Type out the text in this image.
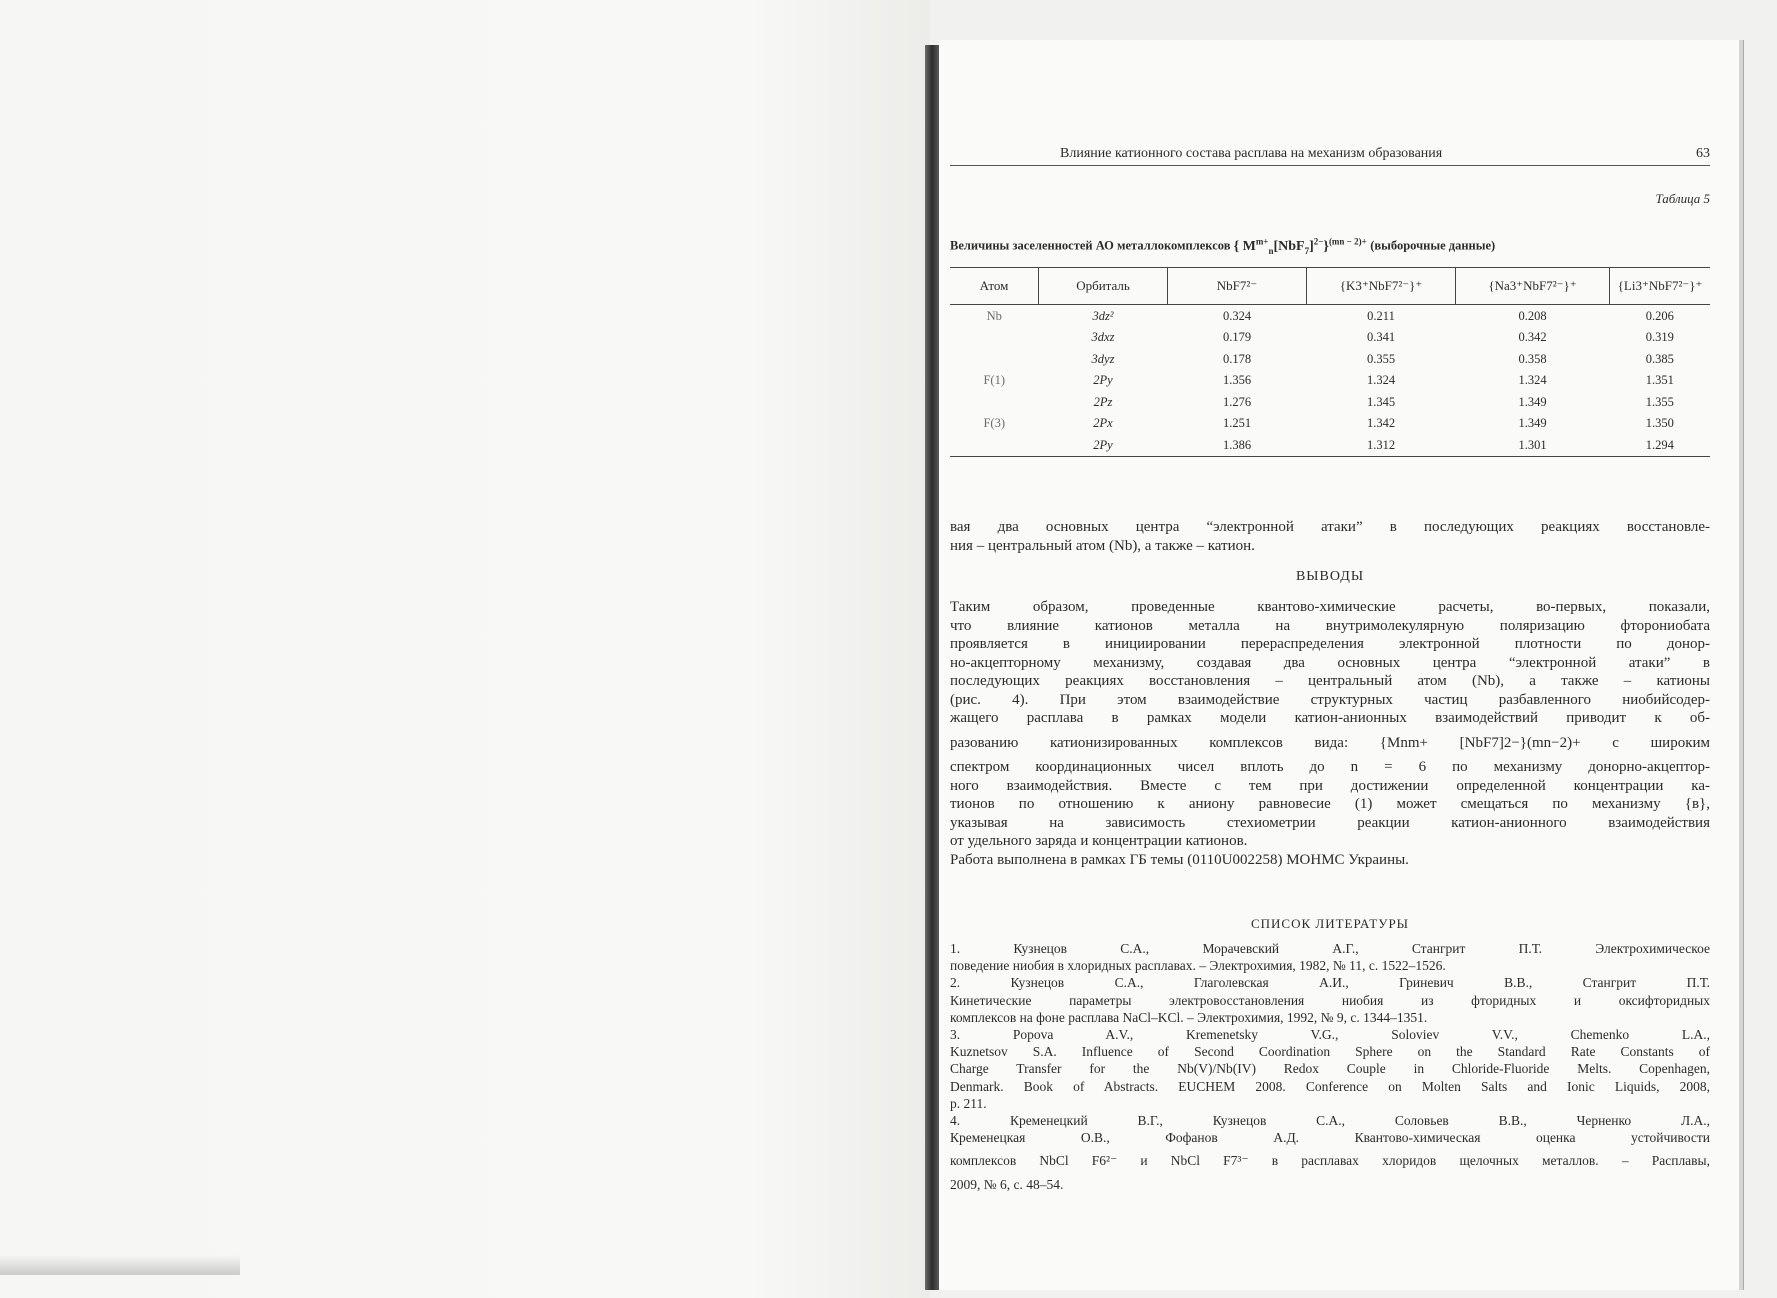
Влияние катионного состава расплава на механизм образования	63
Таблица 5
Величины заселенностей АО металлокомплексов { $M^{m+}_n[NbF_7]^{2-}\}^{(mn - 2)+}$ (выборочные данные)
Атом	Орбиталь	NbF7²⁻	{K3⁺NbF7²⁻}⁺	{Na3⁺NbF7²⁻}⁺	{Li3⁺NbF7²⁻}⁺
Nb	3dz²	0.324	0.211	0.208	0.206
	3dxz	0.179	0.341	0.342	0.319
	3dyz	0.178	0.355	0.358	0.385
F(1)	2Py	1.356	1.324	1.324	1.351
	2Pz	1.276	1.345	1.349	1.355
F(3)	2Px	1.251	1.342	1.349	1.350
	2Py	1.386	1.312	1.301	1.294

вая два основных центра “электронной атаки” в последующих реакциях восстановле-

ния – центральный атом (Nb), а также – катион.

ВЫВОДЫ

Таким образом, проведенные квантово-химические расчеты, во-первых, показали,

что влияние катионов металла на внутримолекулярную поляризацию фторониобата

проявляется в инициировании перераспределения электронной плотности по донор-

но-акцепторному механизму, создавая два основных центра “электронной атаки” в

последующих реакциях восстановления – центральный атом (Nb), а также – катионы

(рис. 4). При этом взаимодействие структурных частиц разбавленного ниобийсодер-

жащего расплава в рамках модели катион-анионных взаимодействий приводит к об-

разованию катионизированных комплексов вида: {Mnm+ [NbF7]2−}(mn−2)+ с широким

спектром координационных чисел вплоть до n = 6 по механизму донорно-акцептор-

ного взаимодействия. Вместе с тем при достижении определенной концентрации ка-

тионов по отношению к аниону равновесие (1) может смещаться по механизму {в},

указывая на зависимость стехиометрии реакции катион-анионного взаимодействия

от удельного заряда и концентрации катионов.

Работа выполнена в рамках ГБ темы (0110U002258) МОНМС Украины.

СПИСОК ЛИТЕРАТУРЫ

1. Кузнецов С.А., Морачевский А.Г., Стангрит П.Т. Электрохимическое

поведение ниобия в хлоридных расплавах. – Электрохимия, 1982, № 11, с. 1522–1526.

2. Кузнецов С.А., Глаголевская А.И., Гриневич В.В., Стангрит П.Т.

Кинетические параметры электровосстановления ниобия из фторидных и оксифторидных

комплексов на фоне расплава NaCl–KCl. – Электрохимия, 1992, № 9, с. 1344–1351.

3. Popova A.V., Kremenetsky V.G., Soloviev V.V., Chemenko L.A.,

Kuznetsov S.A. Influence of Second Coordination Sphere on the Standard Rate Constants of

Charge Transfer for the Nb(V)/Nb(IV) Redox Couple in Chloride-Fluoride Melts. Copenhagen,

Denmark. Book of Abstracts. EUCHEM 2008. Conference on Molten Salts and Ionic Liquids, 2008,

p. 211.

4. Кременецкий В.Г., Кузнецов С.А., Соловьев В.В., Черненко Л.А.,

Кременецкая О.В., Фофанов А.Д. Квантово-химическая оценка устойчивости

комплексов NbCl F6²⁻ и NbCl F7³⁻ в расплавах хлоридов щелочных металлов. – Расплавы,

2009, № 6, с. 48–54.
